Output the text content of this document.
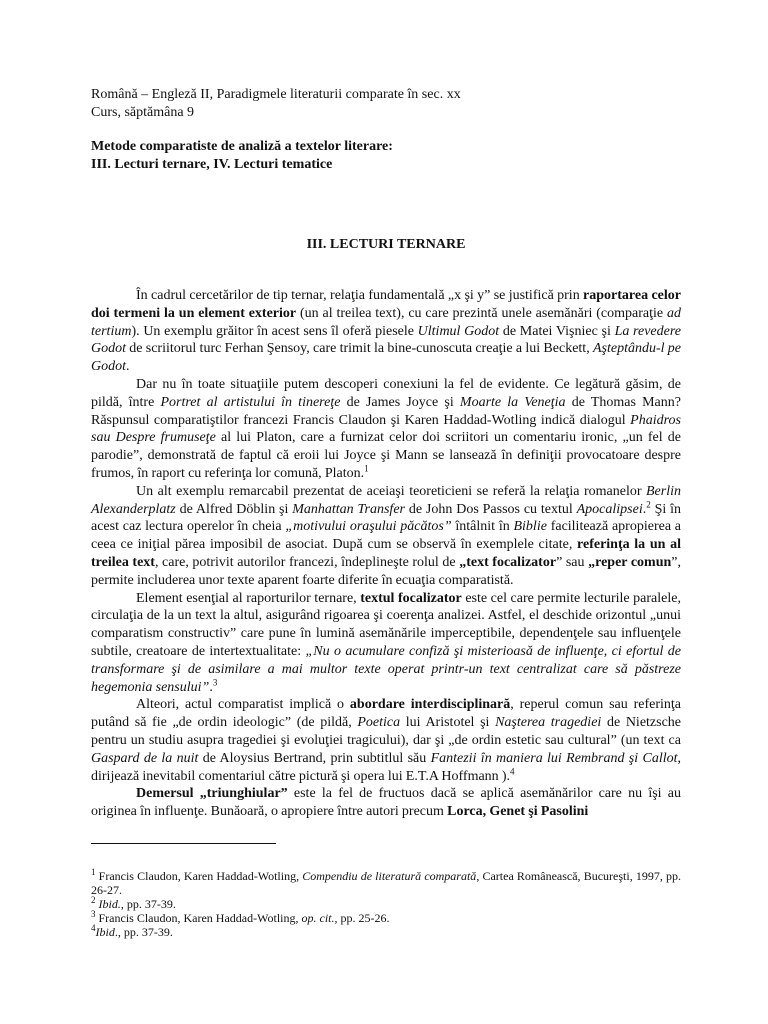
Română – Engleză II, Paradigmele literaturii comparate în sec. xx

Curs, săptămâna 9

Metode comparatiste de analiză a textelor literare:

III. Lecturi ternare, IV. Lecturi tematice

III. LECTURI TERNARE

În cadrul cercetărilor de tip ternar, relaţia fundamentală „x şi y” se justifică prin raportarea celor doi termeni la un element exterior (un al treilea text), cu care prezintă unele asemănări (comparaţie ad tertium). Un exemplu grăitor în acest sens îl oferă piesele Ultimul Godot de Matei Vişniec şi La revedere Godot de scriitorul turc Ferhan Şensoy, care trimit la bine-cunoscuta creaţie a lui Beckett, Aşteptându-l pe Godot.

Dar nu în toate situaţiile putem descoperi conexiuni la fel de evidente. Ce legătură găsim, de pildă, între Portret al artistului în tinereţe de James Joyce şi Moarte la Veneţia de Thomas Mann? Răspunsul comparatiştilor francezi Francis Claudon şi Karen Haddad-Wotling indică dialogul Phaidros sau Despre frumuseţe al lui Platon, care a furnizat celor doi scriitori un comentariu ironic, „un fel de parodie”, demonstrată de faptul că eroii lui Joyce şi Mann se lansează în definiţii provocatoare despre frumos, în raport cu referinţa lor comună, Platon.$^1$

Un alt exemplu remarcabil prezentat de aceiaşi teoreticieni se referă la relaţia romanelor Berlin Alexanderplatz de Alfred Döblin şi Manhattan Transfer de John Dos Passos cu textul Apocalipsei.$^2$ Şi în acest caz lectura operelor în cheia „motivului oraşului păcătos” întâlnit în Biblie facilitează apropierea a ceea ce iniţial părea imposibil de asociat. După cum se observă în exemplele citate, referinţa la un al treilea text, care, potrivit autorilor francezi, îndeplineşte rolul de „text focalizator” sau „reper comun”, permite includerea unor texte aparent foarte diferite în ecuaţia comparatistă.

Element esenţial al raporturilor ternare, textul focalizator este cel care permite lecturile paralele, circulaţia de la un text la altul, asigurând rigoarea şi coerenţa analizei. Astfel, el deschide orizontul „unui comparatism constructiv” care pune în lumină asemănările imperceptibile, dependenţele sau influenţele subtile, creatoare de intertextualitate: „Nu o acumulare confiză şi misterioasă de influenţe, ci efortul de transformare şi de asimilare a mai multor texte operat printr-un text centralizat care să păstreze hegemonia sensului”.$^3$

Alteori, actul comparatist implică o abordare interdisciplinară, reperul comun sau referinţa putând să fie „de ordin ideologic” (de pildă, Poetica lui Aristotel şi Naşterea tragediei de Nietzsche pentru un studiu asupra tragediei şi evoluţiei tragicului), dar şi „de ordin estetic sau cultural” (un text ca Gaspard de la nuit de Aloysius Bertrand, prin subtitlul său Fantezii în maniera lui Rembrand şi Callot, dirijează inevitabil comentariul către pictură şi opera lui E.T.A Hoffmann ).$^4$

Demersul „triunghiular” este la fel de fructuos dacă se aplică asemănărilor care nu îşi au originea în influenţe. Bunăoară, o apropiere între autori precum Lorca, Genet şi Pasolini

$^1$ Francis Claudon, Karen Haddad-Wotling, Compendiu de literatură comparată, Cartea Românească, Bucureşti, 1997, pp. 26-27.

$^2$ Ibid., pp. 37-39.

$^3$ Francis Claudon, Karen Haddad-Wotling, op. cit., pp. 25-26.

$^4$Ibid., pp. 37-39.
